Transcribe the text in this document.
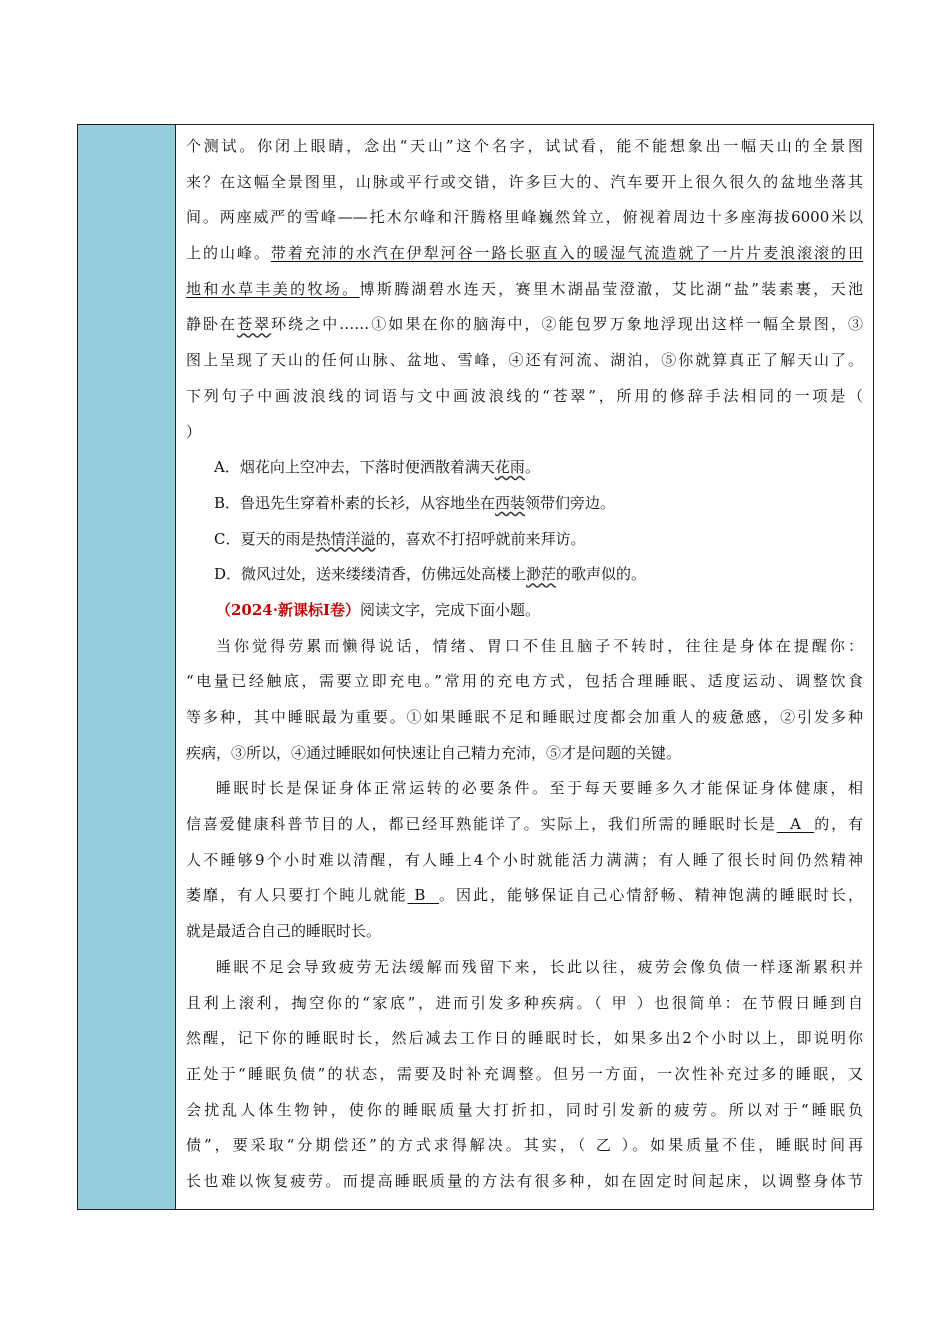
个测试。你闭上眼睛，念出“天山”这个名字，试试看，能不能想象出一幅天山的全景图
来？在这幅全景图里，山脉或平行或交错，许多巨大的、汽车要开上很久很久的盆地坐落其
间。两座威严的雪峰——托木尔峰和汗腾格里峰巍然耸立，俯视着周边十多座海拔6000米以
上的山峰。带着充沛的水汽在伊犁河谷一路长驱直入的暖湿气流造就了一片片麦浪滚滚的田
地和水草丰美的牧场。博斯腾湖碧水连天，赛里木湖晶莹澄澈，艾比湖“盐”装素裹，天池
静卧在苍翠环绕之中……①如果在你的脑海中，②能包罗万象地浮现出这样一幅全景图，③
图上呈现了天山的任何山脉、盆地、雪峰，④还有河流、湖泊，⑤你就算真正了解天山了。
下列句子中画波浪线的词语与文中画波浪线的“苍翠”，所用的修辞手法相同的一项是（
）
A．烟花向上空冲去，下落时便洒散着满天花雨。
B．鲁迅先生穿着朴素的长衫，从容地坐在西装领带们旁边。
C．夏天的雨是热情洋溢的，喜欢不打招呼就前来拜访。
D．微风过处，送来缕缕清香，仿佛远处高楼上渺茫的歌声似的。
（2024·新课标Ⅰ卷）阅读文字，完成下面小题。
当你觉得劳累而懒得说话，情绪、胃口不佳且脑子不转时，往往是身体在提醒你：
“电量已经触底，需要立即充电。”常用的充电方式，包括合理睡眠、适度运动、调整饮食
等多种，其中睡眠最为重要。①如果睡眠不足和睡眠过度都会加重人的疲惫感，②引发多种
疾病，③所以，④通过睡眠如何快速让自己精力充沛，⑤才是问题的关键。
睡眠时长是保证身体正常运转的必要条件。至于每天要睡多久才能保证身体健康，相
信喜爱健康科普节目的人，都已经耳熟能详了。实际上，我们所需的睡眠时长是 A 的，有
人不睡够9个小时难以清醒，有人睡上4个小时就能活力满满；有人睡了很长时间仍然精神
萎靡，有人只要打个盹儿就能 B 。因此，能够保证自己心情舒畅、精神饱满的睡眠时长，
就是最适合自己的睡眠时长。
睡眠不足会导致疲劳无法缓解而残留下来，长此以往，疲劳会像负债一样逐渐累积并
且利上滚利，掏空你的“家底”，进而引发多种疾病。（ 甲 ）也很简单：在节假日睡到自
然醒，记下你的睡眠时长，然后减去工作日的睡眠时长，如果多出2个小时以上，即说明你
正处于“睡眠负债”的状态，需要及时补充调整。但另一方面，一次性补充过多的睡眠，又
会扰乱人体生物钟，使你的睡眠质量大打折扣，同时引发新的疲劳。所以对于“睡眠负
债”，要采取“分期偿还”的方式求得解决。其实，（ 乙 ）。如果质量不佳，睡眠时间再
长也难以恢复疲劳。而提高睡眠质量的方法有很多种，如在固定时间起床，以调整身体节
